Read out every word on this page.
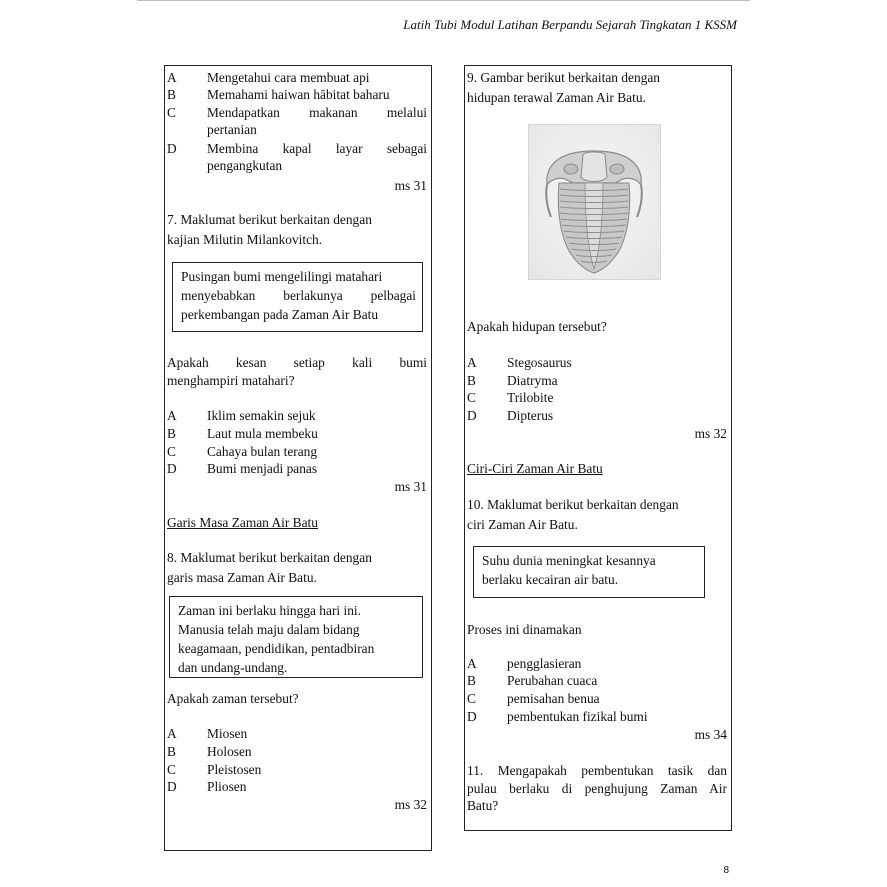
Latih Tubi Modul Latihan Berpandu Sejarah Tingkatan 1 KSSM
A Mengetahui cara membuat api
B Memahami haiwan hābitat baharu
C Mendapatkan makanan melalui
pertanian
D Membina kapal layar sebagai
pengangkutan
ms 31
7. Maklumat berikut berkaitan dengan
kajian Milutin Milankovitch.
Pusingan bumi mengelilingi matahari
menyebabkan berlakunya pelbagai
perkembangan pada Zaman Air Batu
Apakah kesan setiap kali bumi
menghampiri matahari?
A Iklim semakin sejuk
B Laut mula membeku
C Cahaya bulan terang
D Bumi menjadi panas
ms 31
Garis Masa Zaman Air Batu
8. Maklumat berikut berkaitan dengan
garis masa Zaman Air Batu.
Zaman ini berlaku hingga hari ini.
Manusia telah maju dalam bidang
keagamaan, pendidikan, pentadbiran
dan undang-undang.
Apakah zaman tersebut?
A Miosen
B Holosen
C Pleistosen
D Pliosen
ms 32
9. Gambar berikut berkaitan dengan
hidupan terawal Zaman Air Batu.
Apakah hidupan tersebut?
A Stegosaurus
B Diatryma
C Trilobite
D Dipterus
ms 32
Ciri-Ciri Zaman Air Batu
10. Maklumat berikut berkaitan dengan
ciri Zaman Air Batu.
Suhu dunia meningkat kesannya
berlaku kecairan air batu.
Proses ini dinamakan
A pengglasieran
B Perubahan cuaca
C pemisahan benua
D pembentukan fizikal bumi
ms 34
11. Mengapakah pembentukan tasik dan
pulau berlaku di penghujung Zaman Air
Batu?
8
